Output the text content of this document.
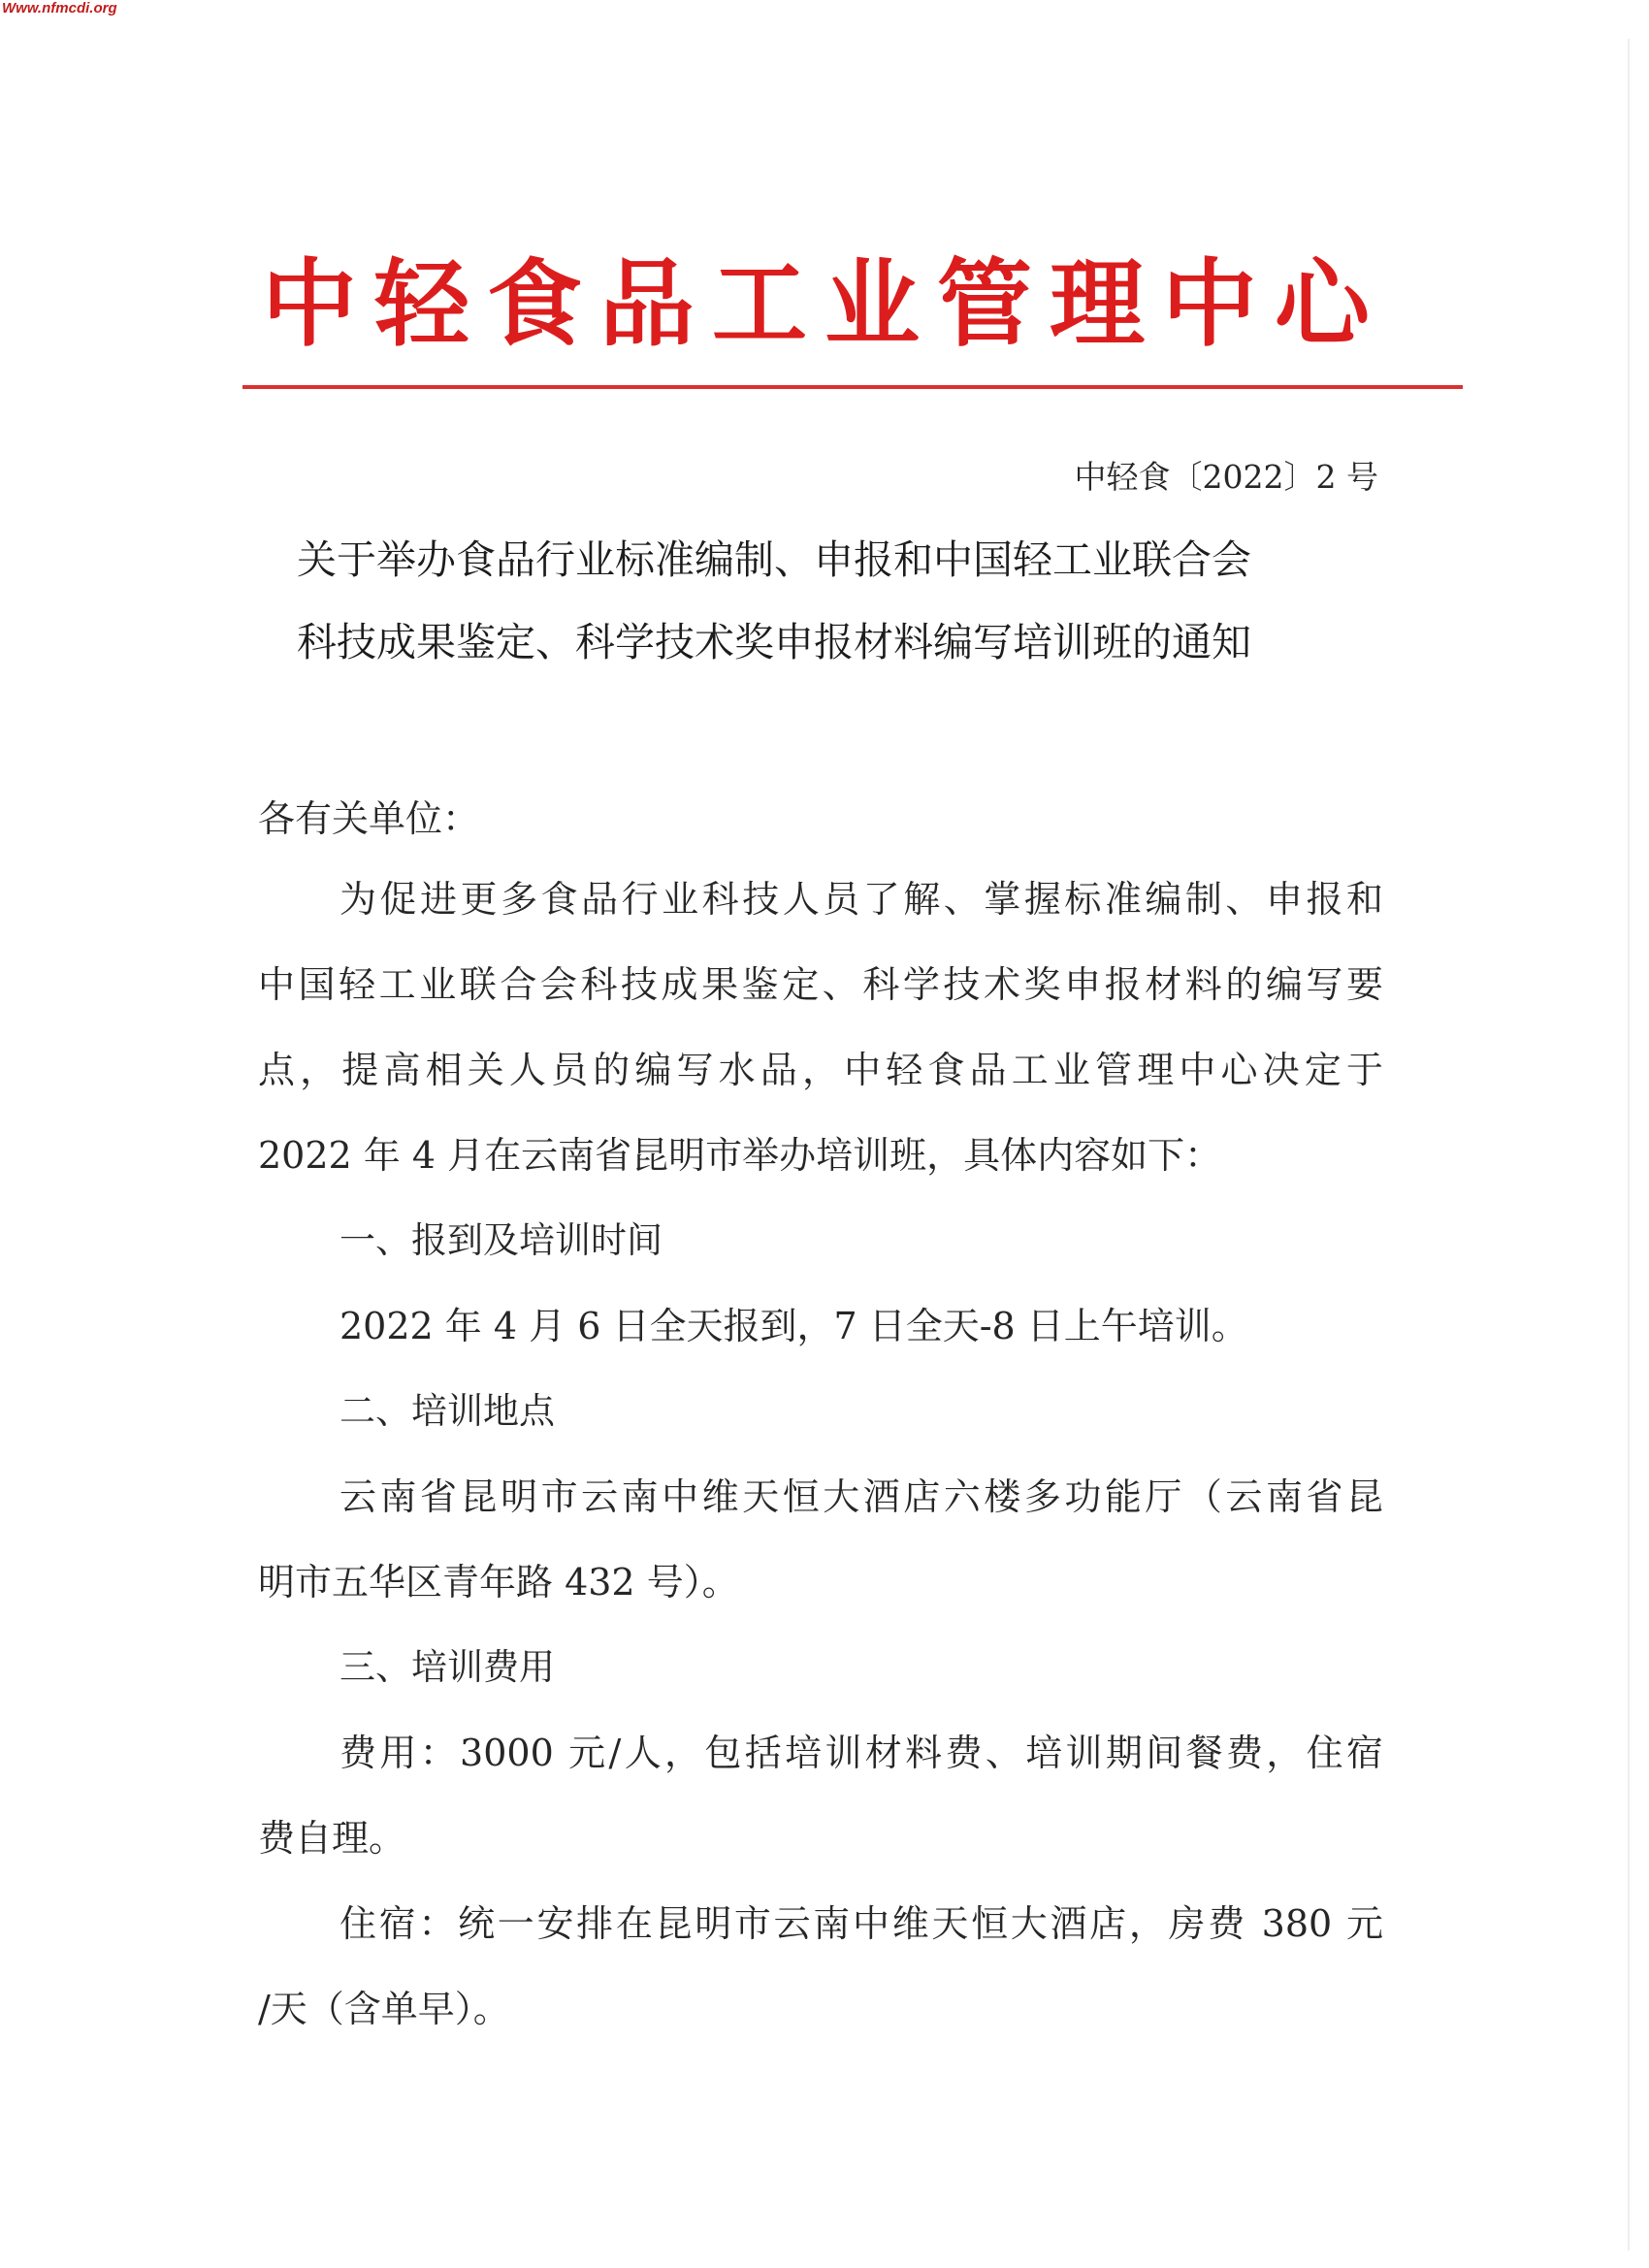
Www.nfmcdi.org
中轻食品工业管理中心
中轻食〔2022〕2 号
关于举办食品行业标准编制、申报和中国轻工业联合会
科技成果鉴定、科学技术奖申报材料编写培训班的通知
各有关单位：
为促进更多食品行业科技人员了解、掌握标准编制、申报和
中国轻工业联合会科技成果鉴定、科学技术奖申报材料的编写要
点，提高相关人员的编写水品，中轻食品工业管理中心决定于
2022 年 4 月在云南省昆明市举办培训班，具体内容如下：
一、报到及培训时间
2022 年 4 月 6 日全天报到，7 日全天-8 日上午培训。
二、培训地点
云南省昆明市云南中维天恒大酒店六楼多功能厅（云南省昆
明市五华区青年路 432 号）。
三、培训费用
费用：3000 元/人，包括培训材料费、培训期间餐费，住宿
费自理。
住宿：统一安排在昆明市云南中维天恒大酒店，房费 380 元
/天（含单早）。
